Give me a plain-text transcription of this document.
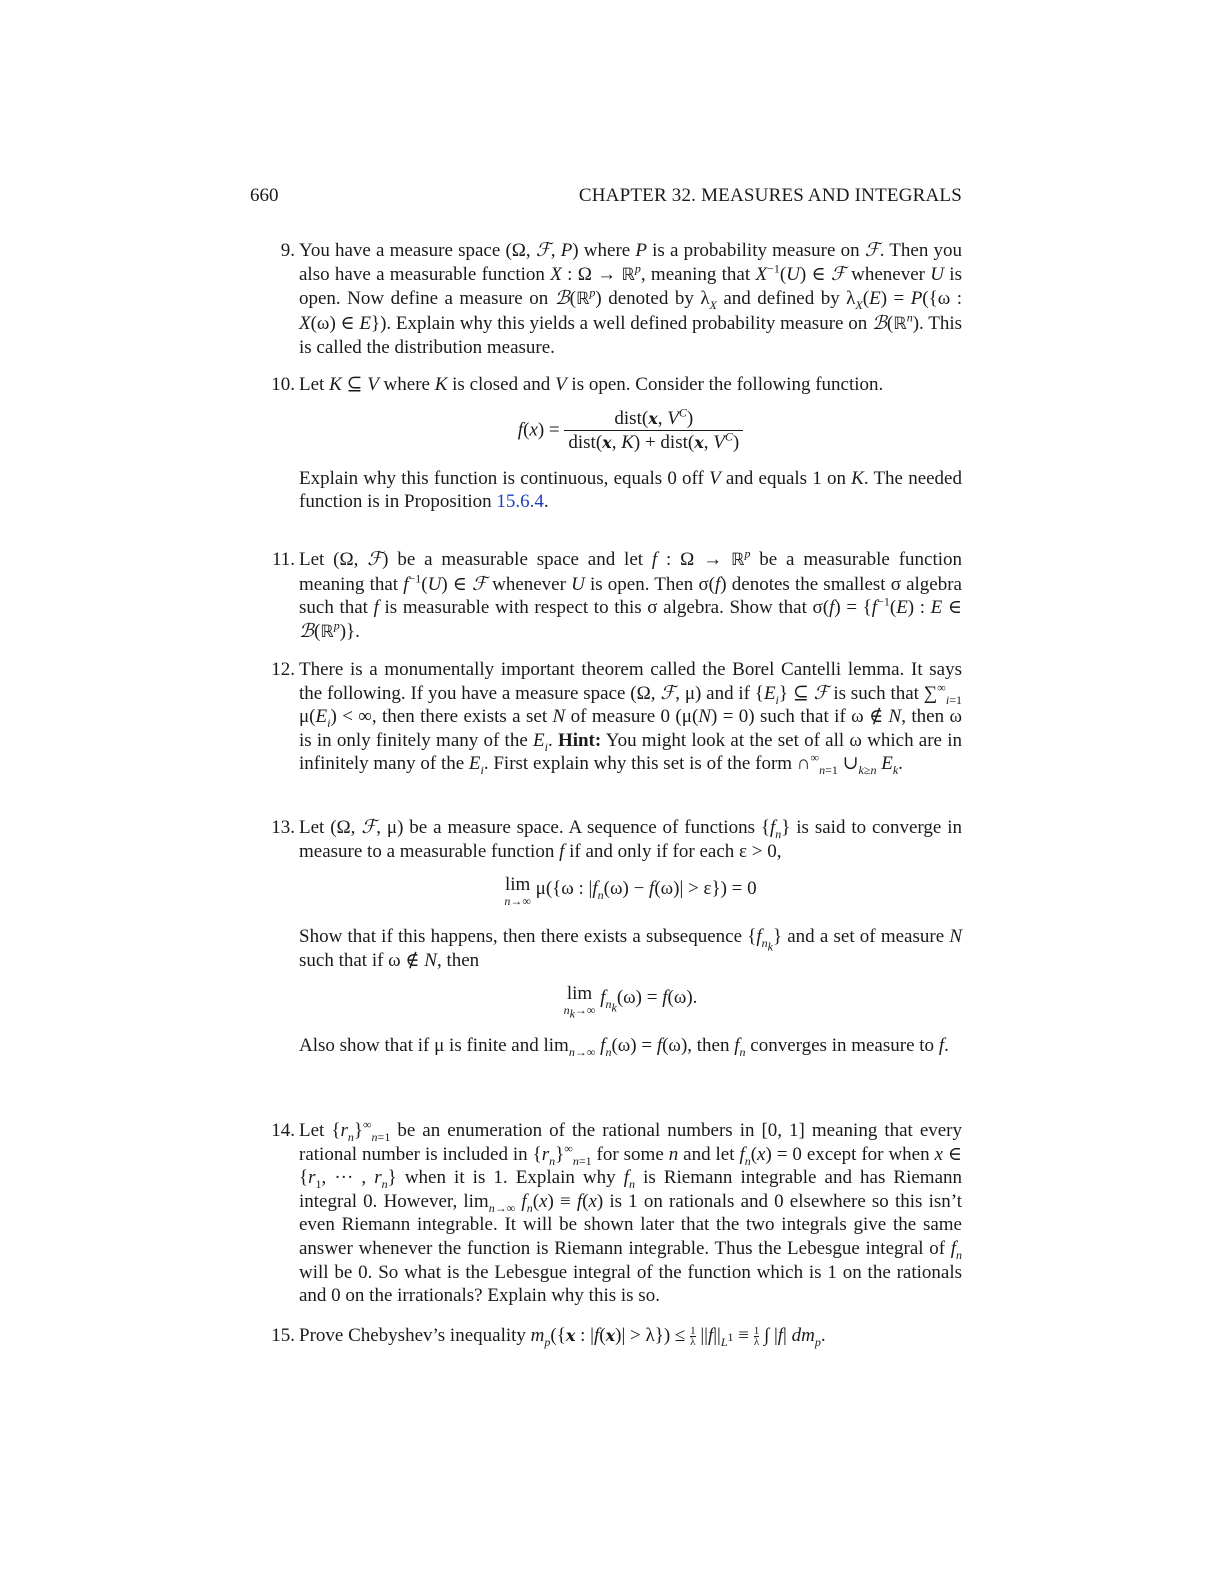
660	CHAPTER 32. MEASURES AND INTEGRALS
9. You have a measure space (Ω, ℱ, P) where P is a probability measure on ℱ. Then you also have a measurable function X : Ω → ℝ$^p$, meaning that $X^{-1}(U)$ ∈ ℱ whenever U is open. Now define a measure on ℬ(ℝ$^p$) denoted by $\lambda_X$ and defined by $\lambda_X(E) = P(\{\omega$ : X(ω) ∈ E}). Explain why this yields a well defined probability measure on ℬ(ℝ$^n$). This is called the distribution measure.

10. Let K ⊆ V where K is closed and V is open. Consider the following function.

$f(x) = \frac{dist(x, V^C)}{dist(x, K) + dist(x, V^C)}$

Explain why this function is continuous, equals 0 off V and equals 1 on K. The needed function is in Proposition 15.6.4.

11. Let (Ω, ℱ) be a measurable space and let f : Ω → ℝ$^p$ be a measurable function meaning that $f^{-1}(U)$ ∈ ℱ whenever U is open. Then σ(f) denotes the smallest σ algebra such that f is measurable with respect to this σ algebra. Show that $\sigma(f) = \{f^{-1}(E)$ : E ∈ ℬ(ℝ$^p$)}.

12. There is a monumentally important theorem called the Borel Cantelli lemma. It says the following. If you have a measure space (Ω, ℱ, μ) and if $\{E_i\}$ ⊆ ℱ is such that $\sum^\infty_{i=1}$ $\mu(E_i)$ < ∞, then there exists a set N of measure 0 (μ(N) = 0) such that if ω ∉ N, then ω is in only finitely many of the $E_i$. Hint: You might look at the set of all ω which are in infinitely many of the $E_i$. First explain why this set is of the form $\cap^\infty_{n=1}$ $\cup_{k\ge n}$ $E_k$.

13. Let (Ω, ℱ, μ) be a measure space. A sequence of functions $\{f_n\}$ is said to converge in measure to a measurable function f if and only if for each ε > 0,

lim
n→∞
μ({ω : $|f_n(\omega) - f(\omega)| > \varepsilon\}) = 0$

Show that if this happens, then there exists a subsequence $\{f_{n_k}\}$ and a set of measure N such that if ω ∉ N, then

lim
$n_k\to\infty$
$f_{n_k}(\omega) = f(\omega)$.

Also show that if μ is finite and $\lim_{n\to\infty} f_n(\omega) = f(\omega)$, then $f_n$ converges in measure to f.

14. Let $\{r_n\}^\infty_{n=1}$ be an enumeration of the rational numbers in [0, 1] meaning that every rational number is included in $\{r_n\}^\infty_{n=1}$ for some n and let $f_n(x) = 0$ except for when x ∈ {$r_1$, ··· , $r_n$} when it is 1. Explain why $f_n$ is Riemann integrable and has Riemann integral 0. However, $\lim_{n\to\infty} f_n(x) \equiv f(x)$ is 1 on rationals and 0 elsewhere so this isn’t even Riemann integrable. It will be shown later that the two integrals give the same answer whenever the function is Riemann integrable. Thus the Lebesgue integral of $f_n$ will be 0. So what is the Lebesgue integral of the function which is 1 on the rationals and 0 on the irrationals? Explain why this is so.

15. Prove Chebyshev’s inequality $m_p(\{x$ : $|f(x)| > \lambda\}) \le \frac{1}{\lambda} ||f||_{L^1} \equiv \frac{1}{\lambda}$ ∫ |f| $dm_p$.
